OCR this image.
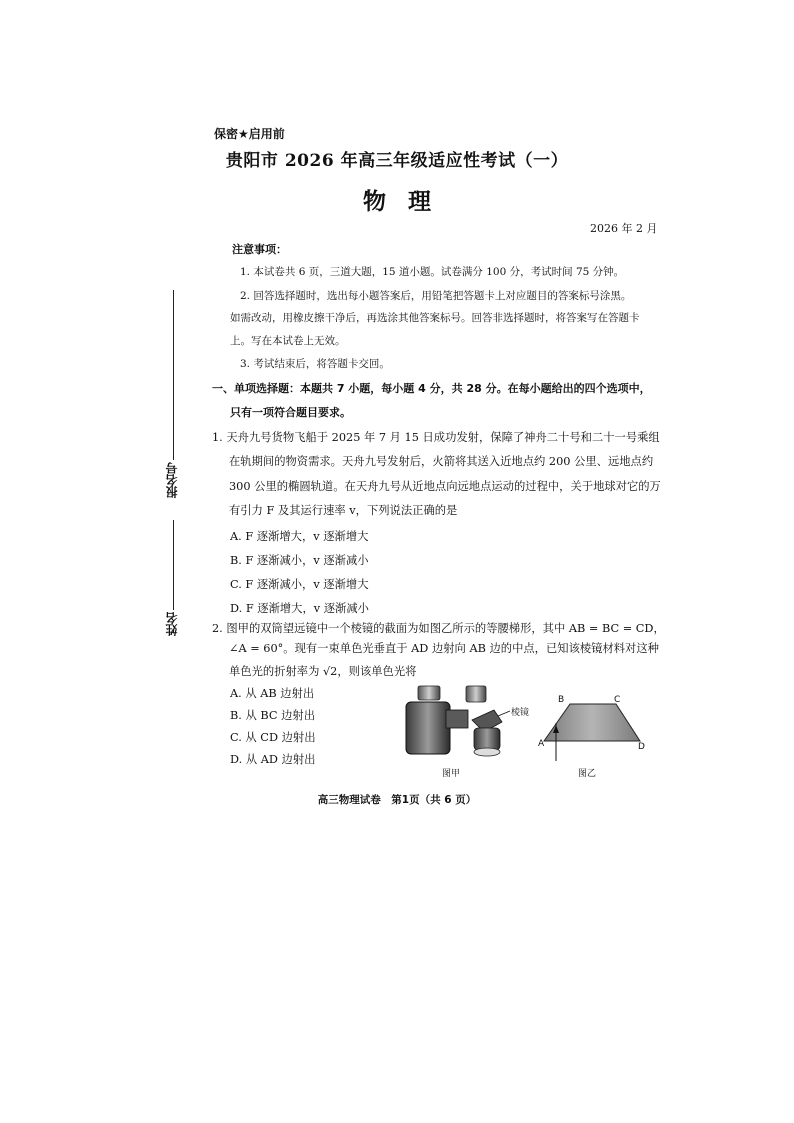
报名号
姓名
保密★启用前
贵阳市 2026 年高三年级适应性考试（一）
物理
2026 年 2 月
注意事项：
1. 本试卷共 6 页，三道大题，15 道小题。试卷满分 100 分，考试时间 75 分钟。
2. 回答选择题时，选出每小题答案后，用铅笔把答题卡上对应题目的答案标号涂黑。
如需改动，用橡皮擦干净后，再选涂其他答案标号。回答非选择题时，将答案写在答题卡
上。写在本试卷上无效。
3. 考试结束后，将答题卡交回。
一、单项选择题：本题共 7 小题，每小题 4 分，共 28 分。在每小题给出的四个选项中，
只有一项符合题目要求。
1. 天舟九号货物飞船于 2025 年 7 月 15 日成功发射，保障了神舟二十号和二十一号乘组
在轨期间的物资需求。天舟九号发射后，火箭将其送入近地点约 200 公里、远地点约
300 公里的椭圆轨道。在天舟九号从近地点向远地点运动的过程中，关于地球对它的万
有引力 F 及其运行速率 v，下列说法正确的是
A. F 逐渐增大，v 逐渐增大
B. F 逐渐减小，v 逐渐减小
C. F 逐渐减小，v 逐渐增大
D. F 逐渐增大，v 逐渐减小
2. 图甲的双筒望远镜中一个棱镜的截面为如图乙所示的等腰梯形，其中 AB = BC = CD，
∠A = 60°。现有一束单色光垂直于 AD 边射向 AB 边的中点，已知该棱镜材料对这种
单色光的折射率为 √2，则该单色光将
A. 从 AB 边射出
B. 从 BC 边射出
C. 从 CD 边射出
D. 从 AD 边射出
棱镜
图甲
B	C
A	D
图乙
高三物理试卷　第1页（共 6 页）
